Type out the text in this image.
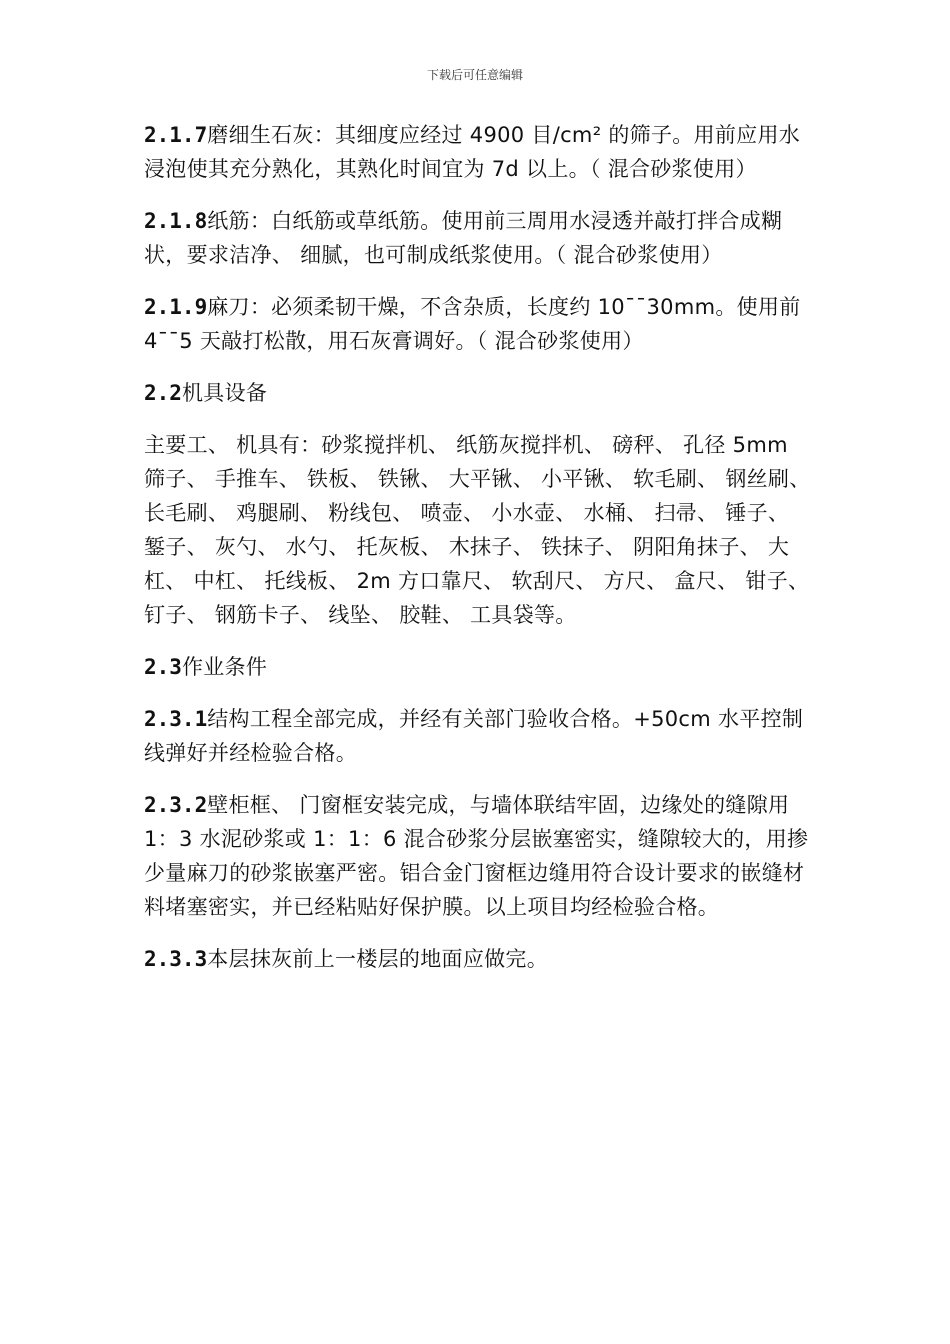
下载后可任意编辑

2.1.7磨细生石灰：其细度应经过 4900 目/cm² 的筛子。用前应用水浸泡使其充分熟化，其熟化时间宜为 7d 以上。（ 混合砂浆使用）

2.1.8纸筋：白纸筋或草纸筋。使用前三周用水浸透并敲打拌合成糊状，要求洁净、 细腻，也可制成纸浆使用。（ 混合砂浆使用）

2.1.9麻刀：必须柔韧干燥，不含杂质，长度约 10¯¯30mm。使用前 4¯¯5 天敲打松散，用石灰膏调好。（ 混合砂浆使用）

2.2机具设备

主要工、 机具有：砂浆搅拌机、 纸筋灰搅拌机、 磅秤、 孔径 5mm 筛子、 手推车、 铁板、 铁锹、 大平锹、 小平锹、 软毛刷、 钢丝刷、 长毛刷、 鸡腿刷、 粉线包、 喷壶、 小水壶、 水桶、 扫帚、 锤子、 錾子、 灰勺、 水勺、 托灰板、 木抹子、 铁抹子、 阴阳角抹子、 大杠、 中杠、 托线板、 2m 方口靠尺、 软刮尺、 方尺、 盒尺、 钳子、 钉子、 钢筋卡子、 线坠、 胶鞋、 工具袋等。

2.3作业条件

2.3.1结构工程全部完成，并经有关部门验收合格。+50cm 水平控制线弹好并经检验合格。

2.3.2壁柜框、 门窗框安装完成，与墙体联结牢固，边缘处的缝隙用 1：3 水泥砂浆或 1：1：6 混合砂浆分层嵌塞密实，缝隙较大的，用掺少量麻刀的砂浆嵌塞严密。铝合金门窗框边缝用符合设计要求的嵌缝材料堵塞密实，并已经粘贴好保护膜。以上项目均经检验合格。

2.3.3本层抹灰前上一楼层的地面应做完。
